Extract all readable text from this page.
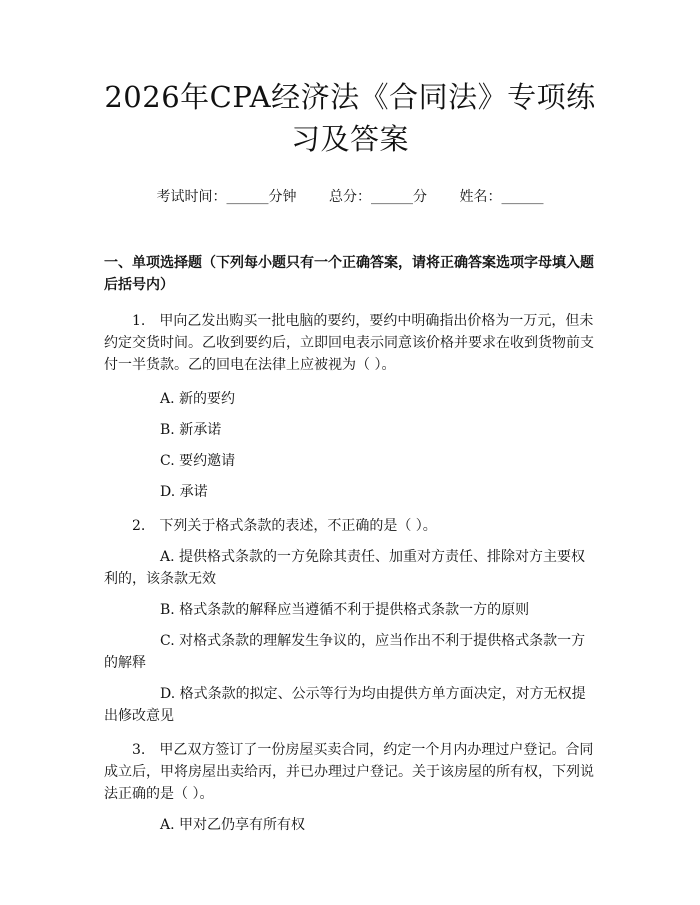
2026年CPA经济法《合同法》专项练习及答案
考试时间：______分钟 总分：______分 姓名：______
一、单项选择题（下列每小题只有一个正确答案，请将正确答案选项字母填入题后括号内）

1.　甲向乙发出购买一批电脑的要约，要约中明确指出价格为一万元，但未约定交货时间。乙收到要约后，立即回电表示同意该价格并要求在收到货物前支付一半货款。乙的回电在法律上应被视为（ ）。

A. 新的要约

B. 新承诺

C. 要约邀请

D. 承诺

2.　下列关于格式条款的表述，不正确的是（ ）。

A. 提供格式条款的一方免除其责任、加重对方责任、排除对方主要权利的，该条款无效

B. 格式条款的解释应当遵循不利于提供格式条款一方的原则

C. 对格式条款的理解发生争议的，应当作出不利于提供格式条款一方的解释

D. 格式条款的拟定、公示等行为均由提供方单方面决定，对方无权提出修改意见

3.　甲乙双方签订了一份房屋买卖合同，约定一个月内办理过户登记。合同成立后，甲将房屋出卖给丙，并已办理过户登记。关于该房屋的所有权，下列说法正确的是（ ）。

A. 甲对乙仍享有所有权
